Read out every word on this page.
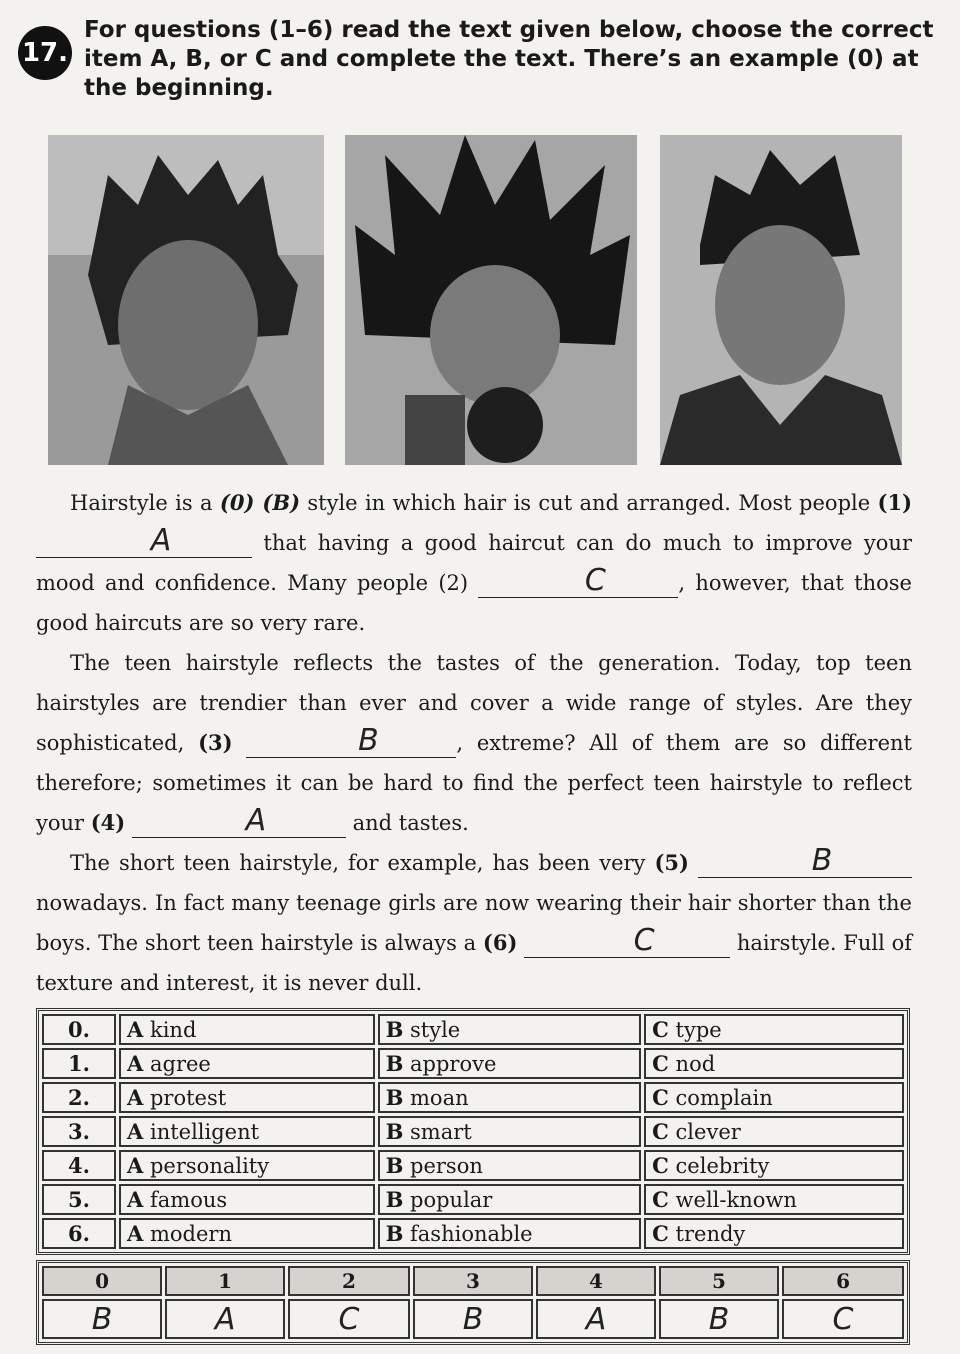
17.
For questions (1–6) read the text given below, choose the correct item A, B, or C and complete the text. There’s an example (0) at the beginning.

Hairstyle is a (0) (B) style in which hair is cut and arranged. Most people (1) A	that having a good haircut can do much to improve your mood and confidence. Many people (2)	C	, however, that those good haircuts are so very rare.

The teen hairstyle reflects the tastes of the generation. Today, top teen hairstyles are trendier than ever and cover a wide range of styles. Are they sophisticated, (3)	B	, extreme? All of them are so different therefore; sometimes it can be hard to find the perfect teen hairstyle to reflect your (4)	A	and tastes.

The short teen hairstyle, for example, has been very (5)	B nowadays. In fact many teenage girls are now wearing their hair shorter than the boys. The short teen hairstyle is always a (6)	C	hairstyle. Full of texture and interest, it is never dull.

0.	A kind	B style	C type
1.	A agree	B approve	C nod
2.	A protest	B moan	C complain
3.	A intelligent	B smart	C clever
4.	A personality	B person	C celebrity
5.	A famous	B popular	C well-known
6.	A modern	B fashionable	C trendy
0	1	2	3	4	5	6
B	A	C	B	A	B	C
